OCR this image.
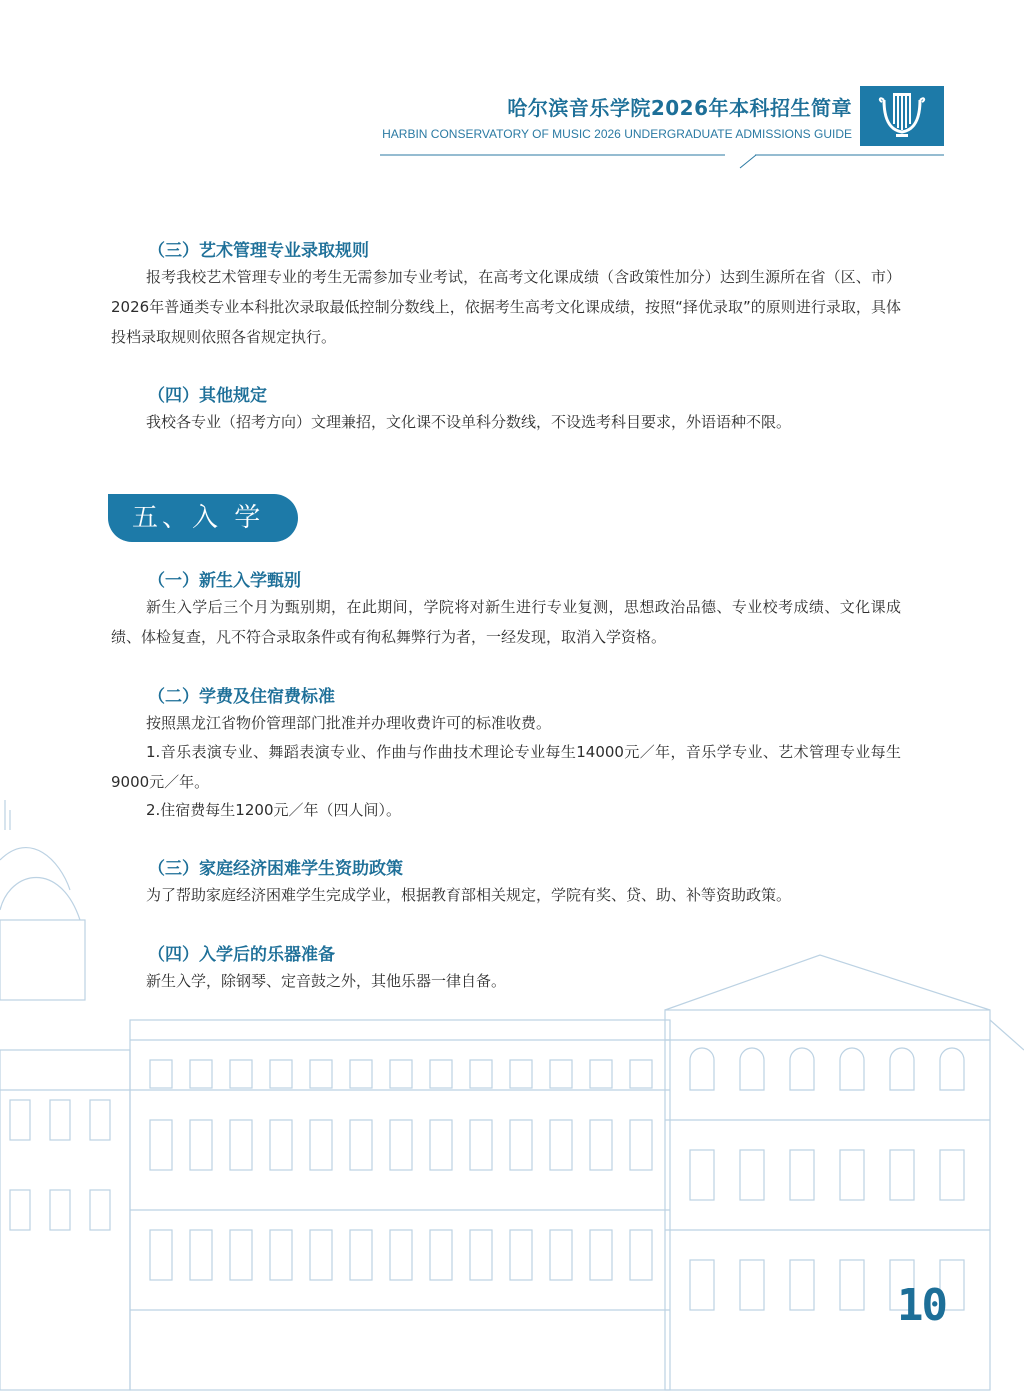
哈尔滨音乐学院2026年本科招生简章
HARBIN CONSERVATORY OF MUSIC 2026 UNDERGRADUATE ADMISSIONS GUIDE
（三）艺术管理专业录取规则
报考我校艺术管理专业的考生无需参加专业考试，在高考文化课成绩（含政策性加分）达到生源所在省（区、市）2026年普通类专业本科批次录取最低控制分数线上，依据考生高考文化课成绩，按照“择优录取”的原则进行录取，具体投档录取规则依照各省规定执行。
（四）其他规定
我校各专业（招考方向）文理兼招，文化课不设单科分数线，不设选考科目要求，外语语种不限。
五、入 学
（一）新生入学甄别
新生入学后三个月为甄别期，在此期间，学院将对新生进行专业复测，思想政治品德、专业校考成绩、文化课成绩、体检复查，凡不符合录取条件或有徇私舞弊行为者，一经发现，取消入学资格。
（二）学费及住宿费标准
按照黑龙江省物价管理部门批准并办理收费许可的标准收费。
1.音乐表演专业、舞蹈表演专业、作曲与作曲技术理论专业每生14000元／年，音乐学专业、艺术管理专业每生9000元／年。
2.住宿费每生1200元／年（四人间）。
（三）家庭经济困难学生资助政策
为了帮助家庭经济困难学生完成学业，根据教育部相关规定，学院有奖、贷、助、补等资助政策。
（四）入学后的乐器准备
新生入学，除钢琴、定音鼓之外，其他乐器一律自备。
10
